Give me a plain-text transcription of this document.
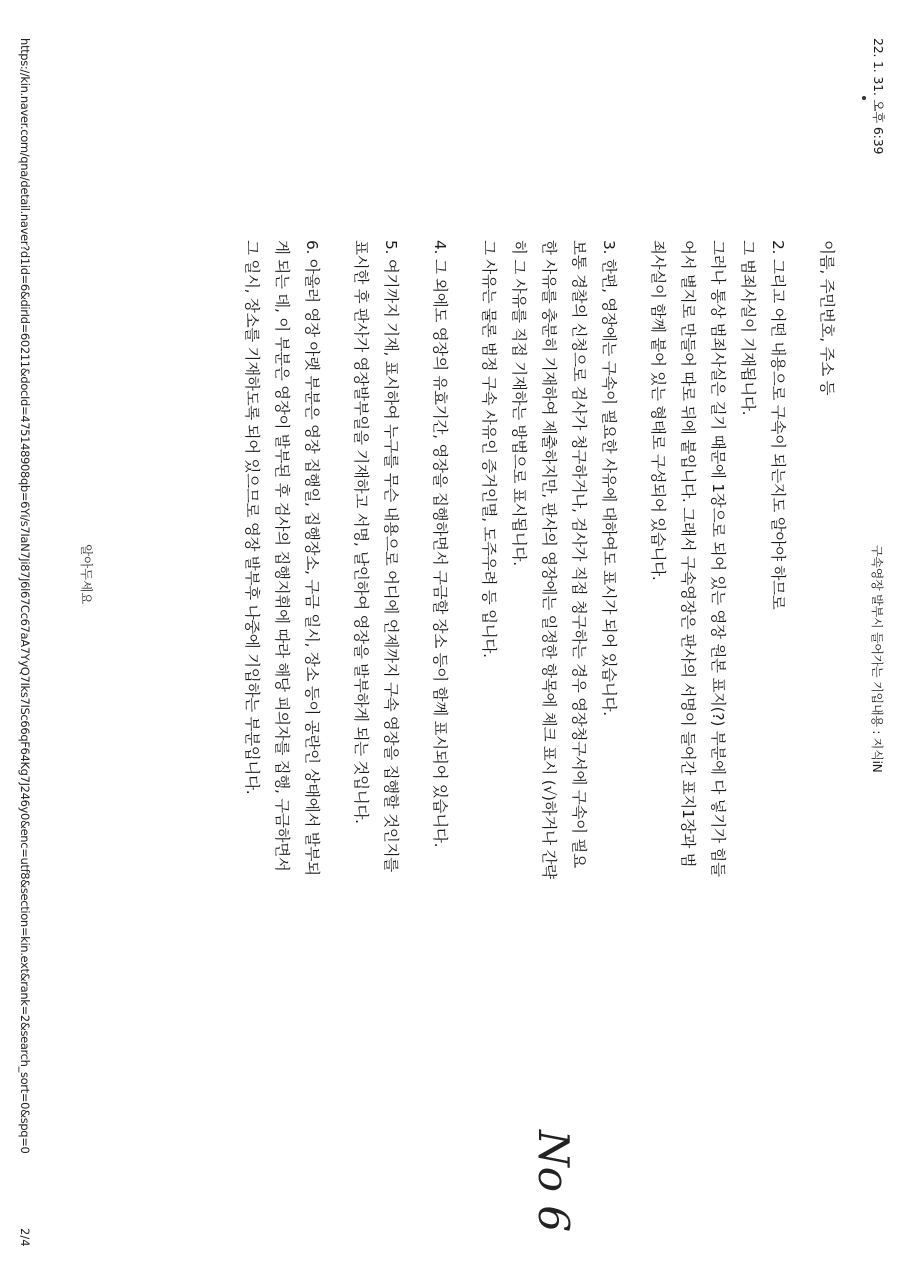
22. 1. 31. 오후 6:39
구속영장 발부시 들어가는 기입내용 : 지식iN

이름, 주민번호, 주소 등

2. 그리고 어떤 내용으로 구속이 되는지도 알아야 하므로

그 범죄사실이 기재됩니다.

그러나 통상 범죄사실은 길기 때문에 1장으로 되어 있는 영장 원본 표지(?) 부분에 다 넣기가 힘들

어서 별지로 만들어 따로 뒤에 붙입니다. 그래서 구속영장은 판사의 서명이 들어간 표지1장과 범

죄사실이 함께 붙어 있는 형태로 구성되어 있습니다.

3. 한편, 영장에는 구속이 필요한 사유에 대하여도 표시가 되어 있습니다.

보통 경찰의 신청으로 검사가 청구하거나, 검사가 직접 청구하는 경우 영장청구서에 구속이 필요

한 사유를 충분히 기재하여 제출하지만, 판사의 영장에는 일정한 항목에 체크 표시 (√)하거나 간략

히 그 사유를 직접 기재하는 방법으로 표시됩니다.

그 사유는 물론 범정 구속 사유인 증거인멸, 도주우려 등 입니다.

4. 그 외에도 영장의 유효기간, 영장을 집행하면서 구금할 장소 등이 함께 표시되어 있습니다.

5. 여기까지 기재, 표시하여 누구를 무슨 내용으로 어디에 언제까지 구속 영장을 집행할 것인지를

표시한 후 판사가 영장발부일을 기재하고 서명, 날인하여 영장을 발부하게 되는 것입니다.

6. 아울러 영장 아랫 부분은 영장 집행일, 집행장소, 구금 일시, 장소 등이 공란인 상태에서 발부되

게 되는 데, 이 부분은 영장이 발부된 후 검사의 집행지휘에 따라 해당 피의자를 집행, 구금하면서

그 일시, 장소를 기재하도록 되어 있으므로 영장 발부후 나중에 기입하는 부분입니다.

알아두세요
https://kin.naver.com/qna/detail.naver?d1id=6&dirId=60211&docId=475148908qb=6Yi/s7IaN7Ji87J6l67Cc67aA7YyQ7Iks7ISc66qF64Kg7J246y0&enc=utf8&section=kin.ext&rank=2&search_sort=0&spq=0
2/4
No 6
